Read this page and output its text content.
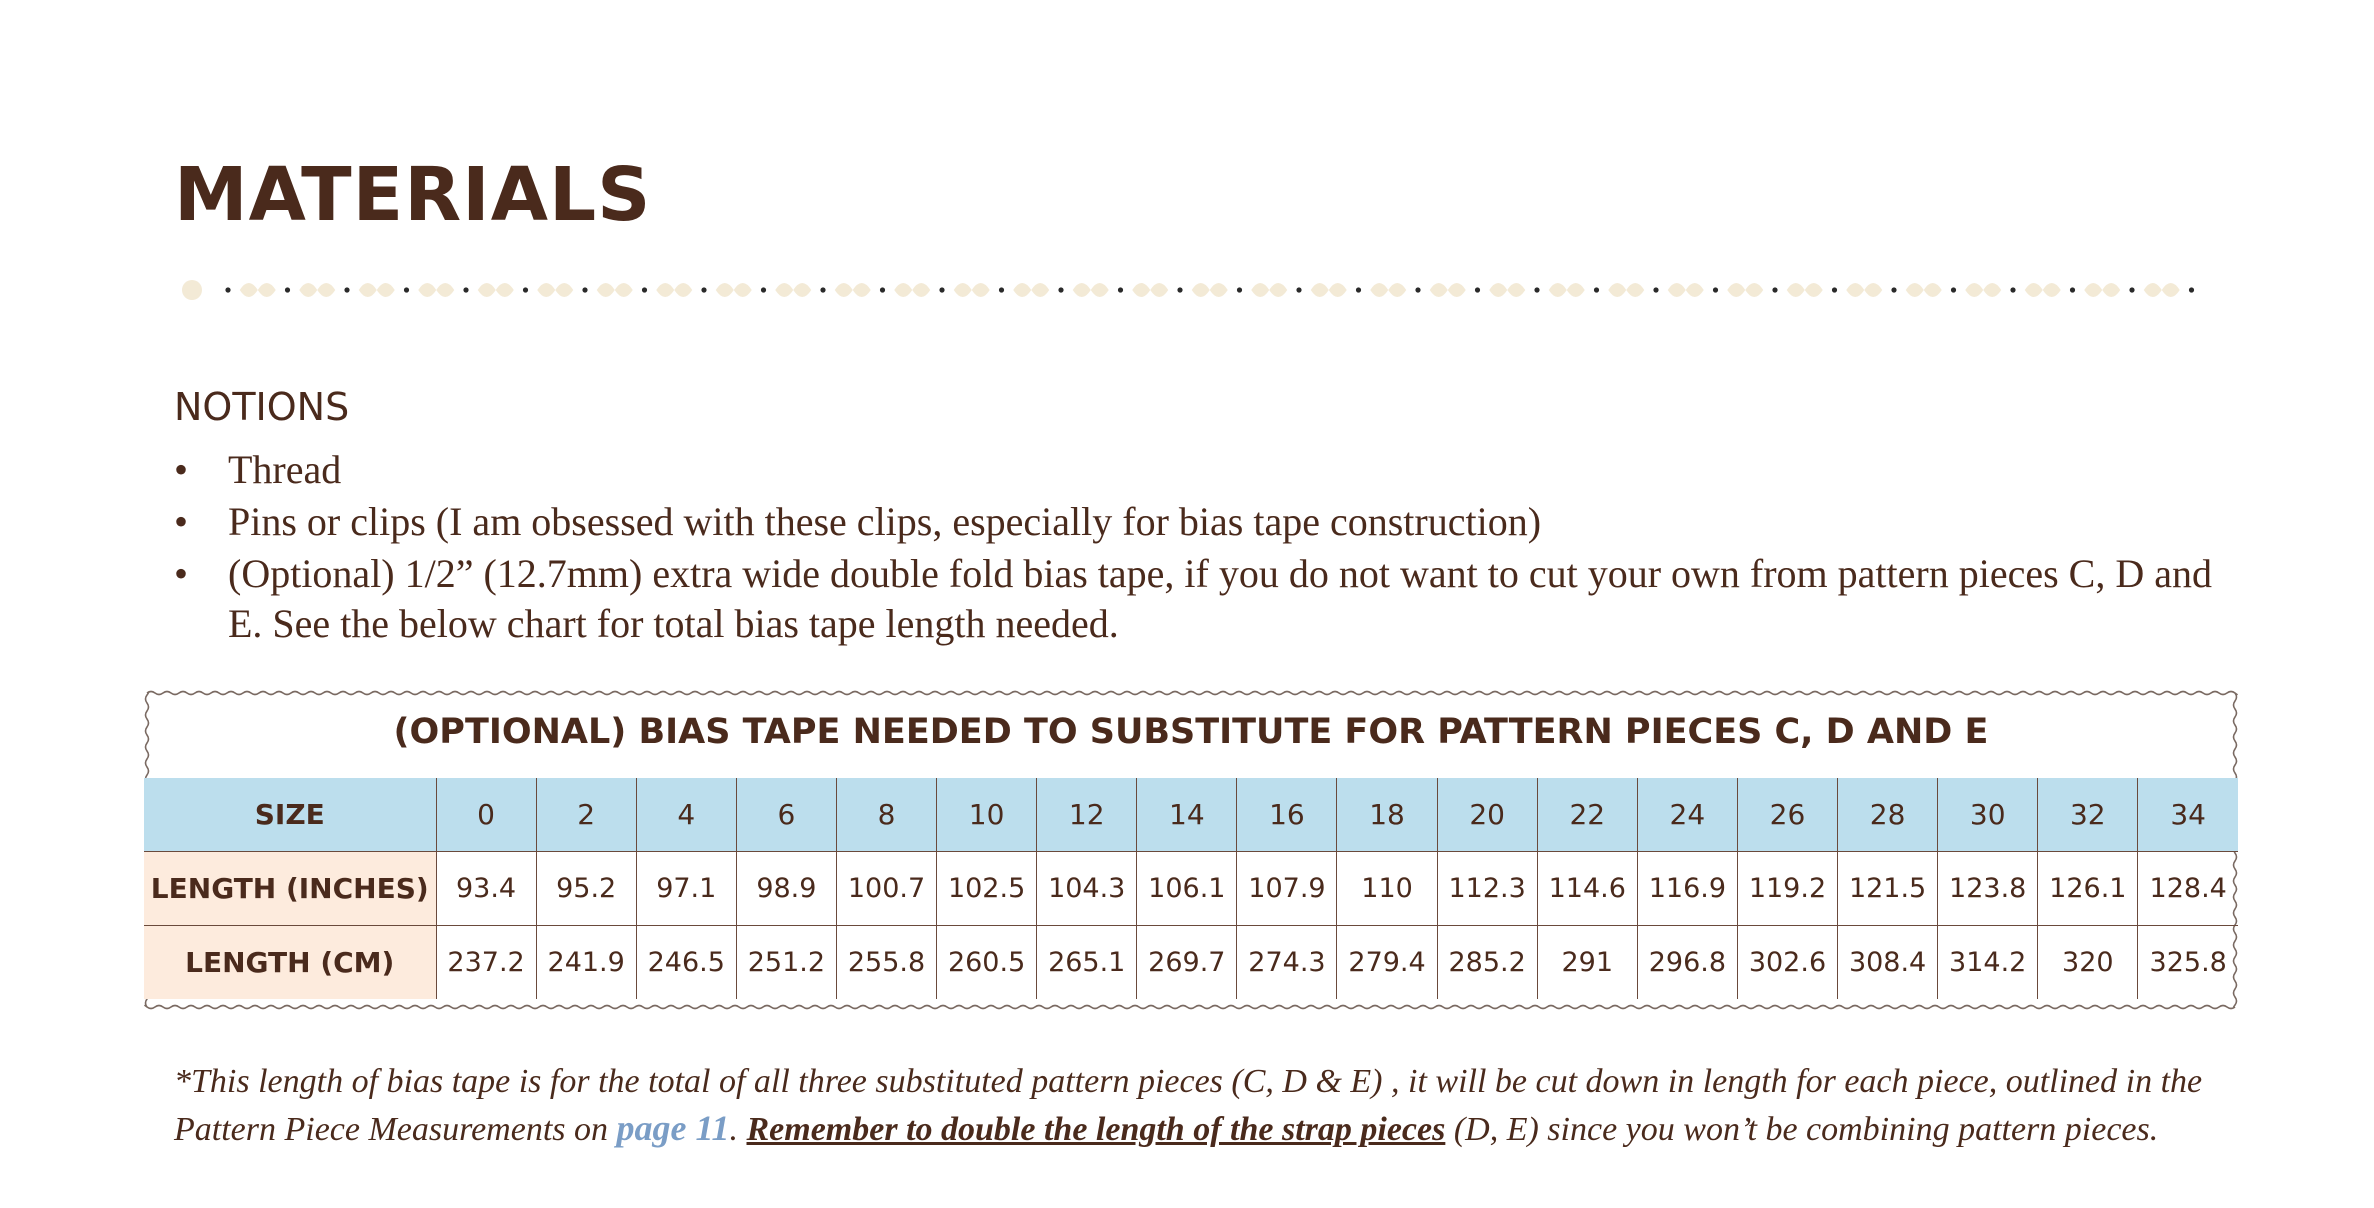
MATERIALS
NOTIONS
• Thread
• Pins or clips (I am obsessed with these clips, especially for bias tape construction)
• (Optional) 1/2” (12.7mm) extra wide double fold bias tape, if you do not want to cut your own from pattern pieces C, D and E. See the below chart for total bias tape length needed.
(OPTIONAL) BIAS TAPE NEEDED TO SUBSTITUTE FOR PATTERN PIECES C, D AND E
SIZE	0	2	4	6	8	10	12	14	16	18	20	22	24	26	28	30	32	34
LENGTH (INCHES)	93.4	95.2	97.1	98.9	100.7	102.5	104.3	106.1	107.9	110	112.3	114.6	116.9	119.2	121.5	123.8	126.1	128.4
LENGTH (CM)	237.2	241.9	246.5	251.2	255.8	260.5	265.1	269.7	274.3	279.4	285.2	291	296.8	302.6	308.4	314.2	320	325.8

*This length of bias tape is for the total of all three substituted pattern pieces (C, D & E) , it will be cut down in length for each piece, outlined in the Pattern Piece Measurements on page 11. Remember to double the length of the strap pieces (D, E) since you won’t be combining pattern pieces.
